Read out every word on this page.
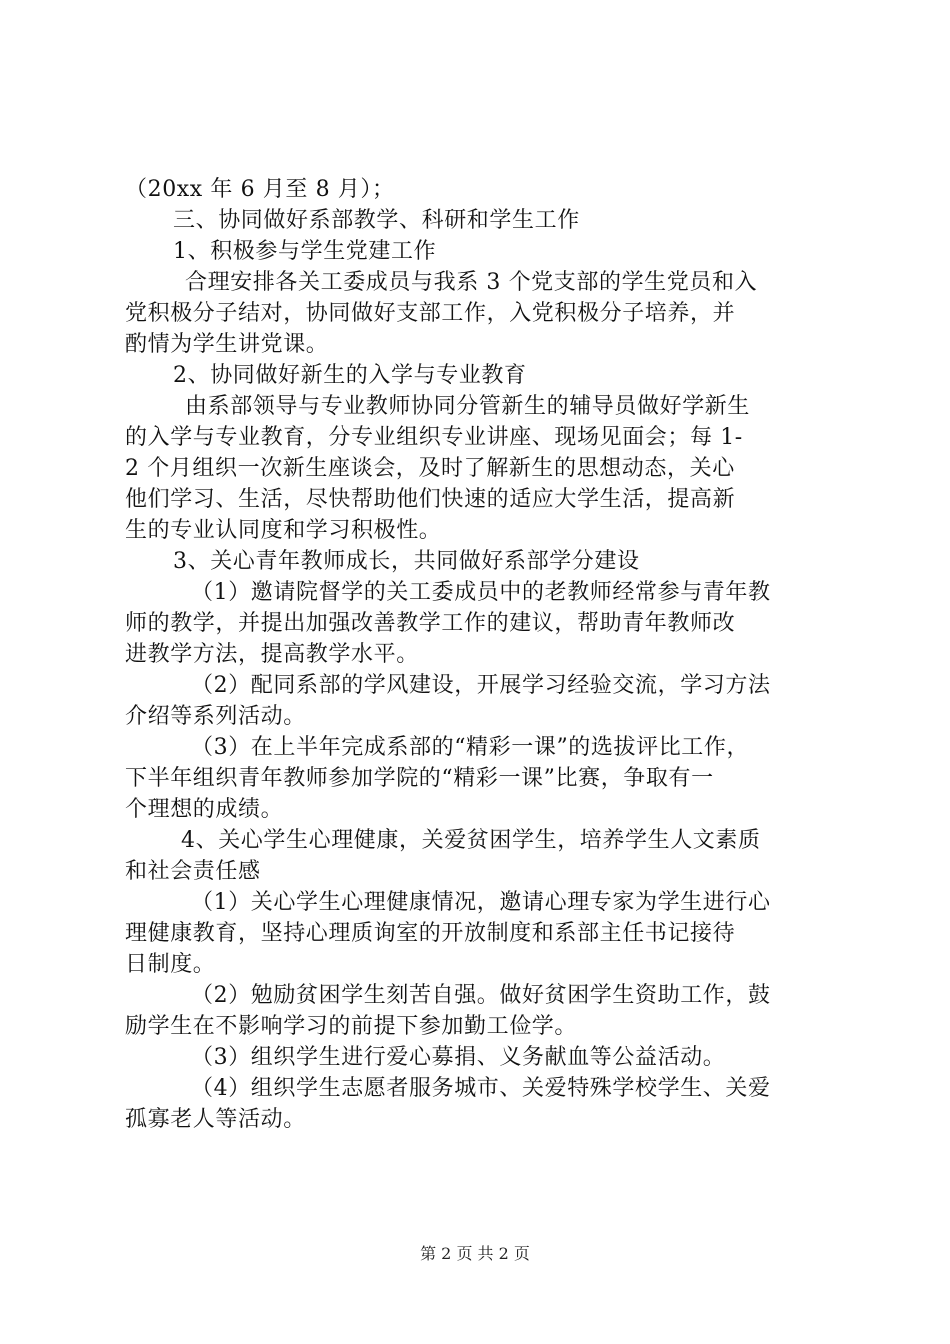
（20xx 年 6 月至 8 月）；
三、协同做好系部教学、科研和学生工作
1、积极参与学生党建工作
合理安排各关工委成员与我系 3 个党支部的学生党员和入
党积极分子结对，协同做好支部工作，入党积极分子培养，并
酌情为学生讲党课。
2、协同做好新生的入学与专业教育
由系部领导与专业教师协同分管新生的辅导员做好学新生
的入学与专业教育，分专业组织专业讲座、现场见面会；每 1-
2 个月组织一次新生座谈会，及时了解新生的思想动态，关心
他们学习、生活，尽快帮助他们快速的适应大学生活，提高新
生的专业认同度和学习积极性。
3、关心青年教师成长，共同做好系部学分建设
（1）邀请院督学的关工委成员中的老教师经常参与青年教
师的教学，并提出加强改善教学工作的建议，帮助青年教师改
进教学方法，提高教学水平。
（2）配同系部的学风建设，开展学习经验交流，学习方法
介绍等系列活动。
（3）在上半年完成系部的“精彩一课”的选拔评比工作，
下半年组织青年教师参加学院的“精彩一课”比赛，争取有一
个理想的成绩。
4、关心学生心理健康，关爱贫困学生，培养学生人文素质
和社会责任感
（1）关心学生心理健康情况，邀请心理专家为学生进行心
理健康教育，坚持心理质询室的开放制度和系部主任书记接待
日制度。
（2）勉励贫困学生刻苦自强。做好贫困学生资助工作，鼓
励学生在不影响学习的前提下参加勤工俭学。
（3）组织学生进行爱心募捐、义务献血等公益活动。
（4）组织学生志愿者服务城市、关爱特殊学校学生、关爱
孤寡老人等活动。
第 2 页 共 2 页
